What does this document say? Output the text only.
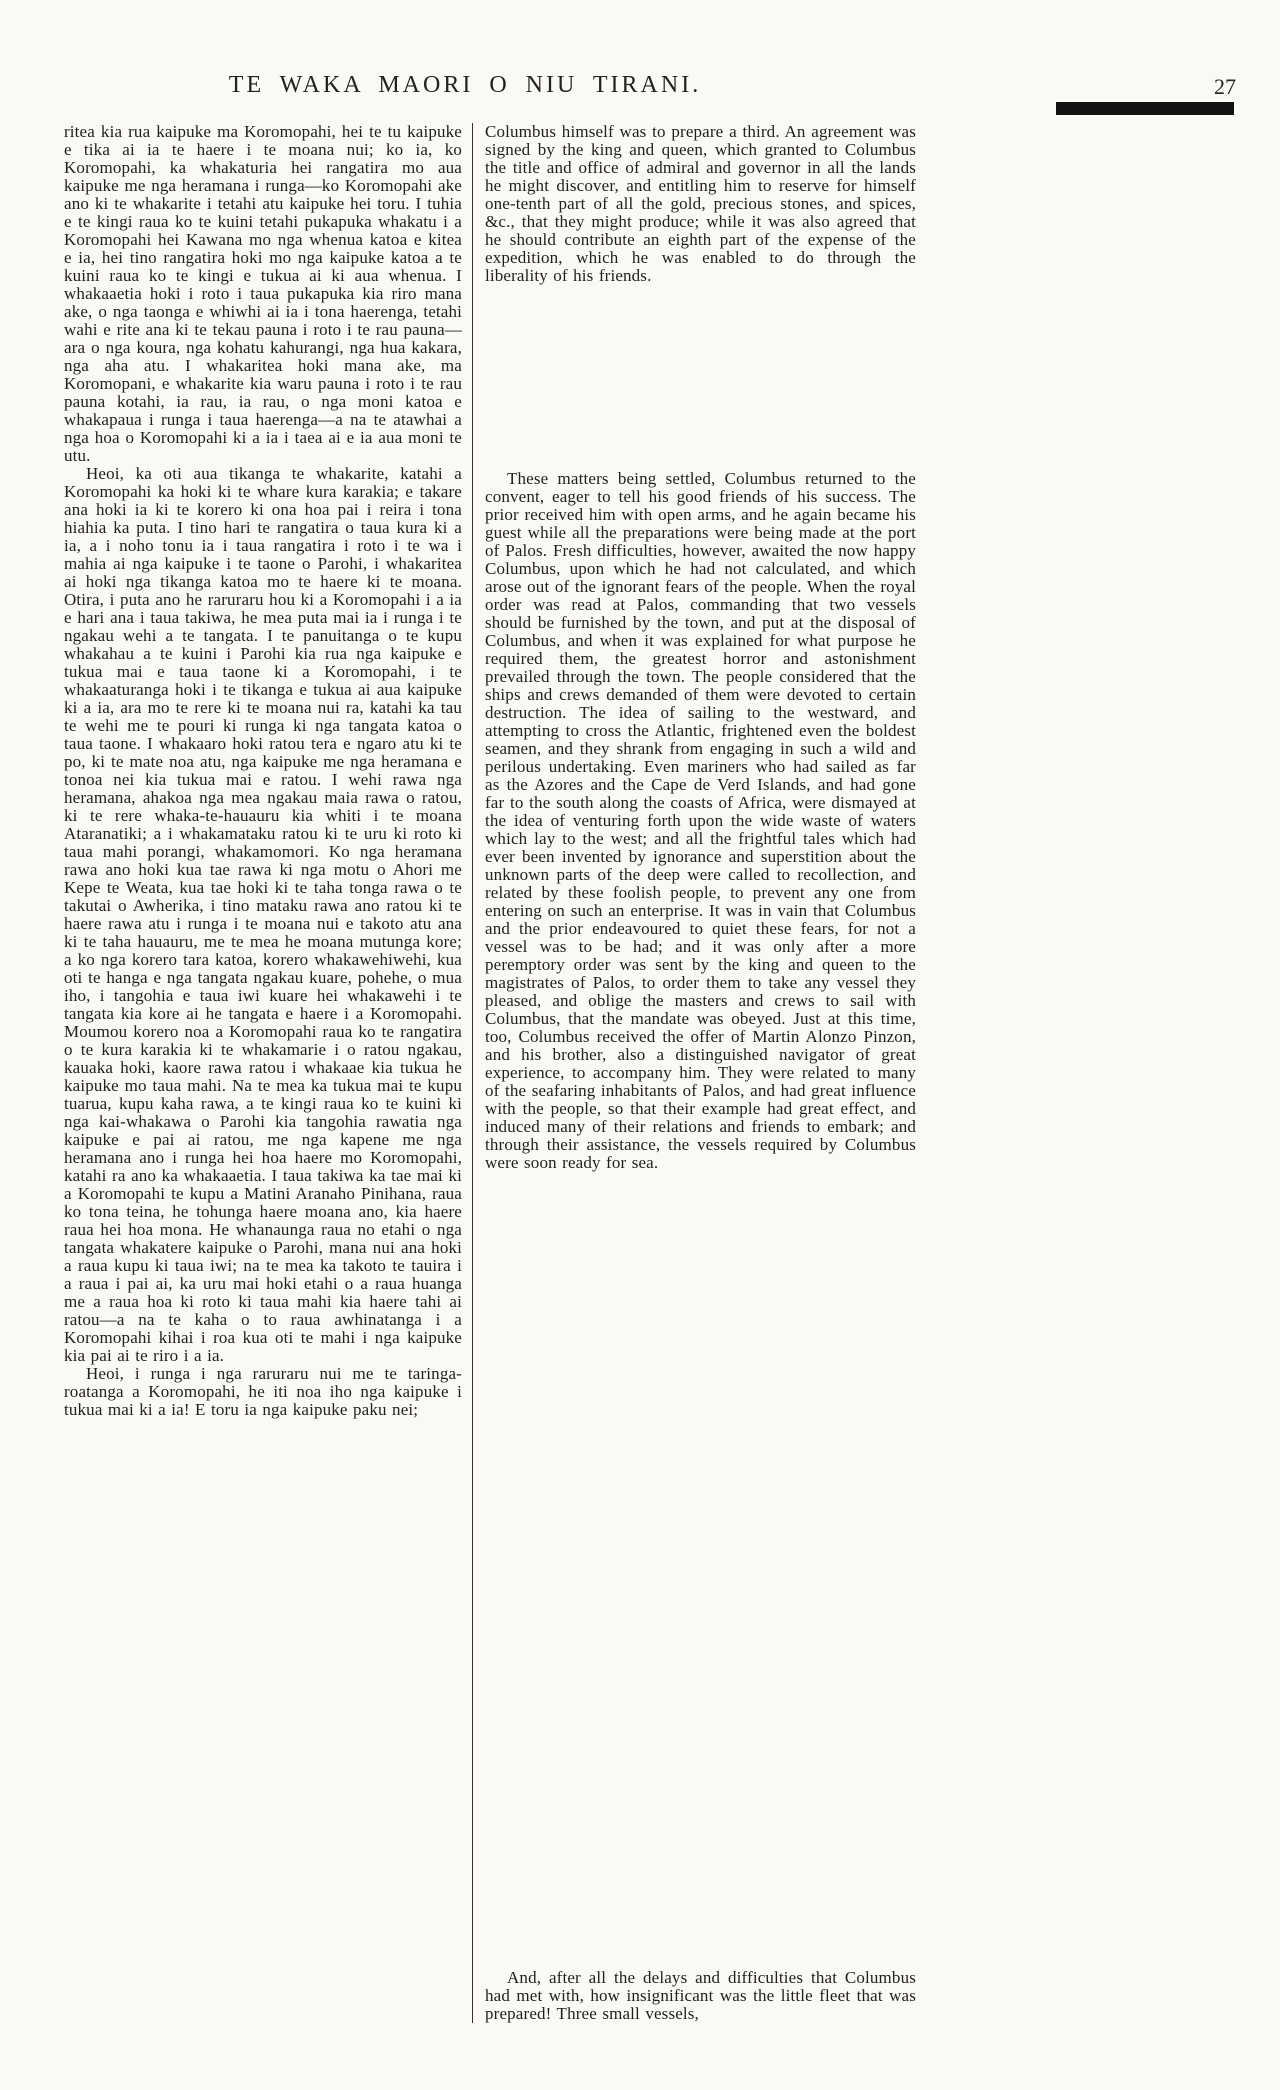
TE WAKA MAORI O NIU TIRANI.	27

ritea kia rua kaipuke ma Koromopahi, hei te tu kaipuke e tika ai ia te haere i te moana nui; ko ia, ko Koromopahi, ka whakaturia hei rangatira mo aua kaipuke me nga heramana i runga—ko Koromopahi ake ano ki te whakarite i tetahi atu kaipuke hei toru. I tuhia e te kingi raua ko te kuini tetahi pukapuka whakatu i a Koromopahi hei Kawana mo nga whenua katoa e kitea e ia, hei tino rangatira hoki mo nga kaipuke katoa a te kuini raua ko te kingi e tukua ai ki aua whenua. I whakaaetia hoki i roto i taua pukapuka kia riro mana ake, o nga taonga e whiwhi ai ia i tona haerenga, tetahi wahi e rite ana ki te tekau pauna i roto i te rau pauna—ara o nga koura, nga kohatu kahurangi, nga hua kakara, nga aha atu. I whakaritea hoki mana ake, ma Koromopani, e whakarite kia waru pauna i roto i te rau pauna kotahi, ia rau, ia rau, o nga moni katoa e whakapaua i runga i taua haerenga—a na te atawhai a nga hoa o Koromopahi ki a ia i taea ai e ia aua moni te utu.

Heoi, ka oti aua tikanga te whakarite, katahi a Koromopahi ka hoki ki te whare kura karakia; e takare ana hoki ia ki te korero ki ona hoa pai i reira i tona hiahia ka puta. I tino hari te rangatira o taua kura ki a ia, a i noho tonu ia i taua rangatira i roto i te wa i mahia ai nga kaipuke i te taone o Parohi, i whakaritea ai hoki nga tikanga katoa mo te haere ki te moana. Otira, i puta ano he raruraru hou ki a Koromopahi i a ia e hari ana i taua takiwa, he mea puta mai ia i runga i te ngakau wehi a te tangata. I te panuitanga o te kupu whakahau a te kuini i Parohi kia rua nga kaipuke e tukua mai e taua taone ki a Koromopahi, i te whakaaturanga hoki i te tikanga e tukua ai aua kaipuke ki a ia, ara mo te rere ki te moana nui ra, katahi ka tau te wehi me te pouri ki runga ki nga tangata katoa o taua taone. I whakaaro hoki ratou tera e ngaro atu ki te po, ki te mate noa atu, nga kaipuke me nga heramana e tonoa nei kia tukua mai e ratou. I wehi rawa nga heramana, ahakoa nga mea ngakau maia rawa o ratou, ki te rere whaka-te-hauauru kia whiti i te moana Ataranatiki; a i whakamataku ratou ki te uru ki roto ki taua mahi porangi, whakamomori. Ko nga heramana rawa ano hoki kua tae rawa ki nga motu o Ahori me Kepe te Weata, kua tae hoki ki te taha tonga rawa o te takutai o Awherika, i tino mataku rawa ano ratou ki te haere rawa atu i runga i te moana nui e takoto atu ana ki te taha hauauru, me te mea he moana mutunga kore; a ko nga korero tara katoa, korero whakawehiwehi, kua oti te hanga e nga tangata ngakau kuare, pohehe, o mua iho, i tangohia e taua iwi kuare hei whakawehi i te tangata kia kore ai he tangata e haere i a Koromopahi. Moumou korero noa a Koromopahi raua ko te rangatira o te kura karakia ki te whakamarie i o ratou ngakau, kauaka hoki, kaore rawa ratou i whakaae kia tukua he kaipuke mo taua mahi. Na te mea ka tukua mai te kupu tuarua, kupu kaha rawa, a te kingi raua ko te kuini ki nga kai-whakawa o Parohi kia tangohia rawatia nga kaipuke e pai ai ratou, me nga kapene me nga heramana ano i runga hei hoa haere mo Koromopahi, katahi ra ano ka whakaaetia. I taua takiwa ka tae mai ki a Koromopahi te kupu a Matini Aranaho Pinihana, raua ko tona teina, he tohunga haere moana ano, kia haere raua hei hoa mona. He whanaunga raua no etahi o nga tangata whakatere kaipuke o Parohi, mana nui ana hoki a raua kupu ki taua iwi; na te mea ka takoto te tauira i a raua i pai ai, ka uru mai hoki etahi o a raua huanga me a raua hoa ki roto ki taua mahi kia haere tahi ai ratou—a na te kaha o to raua awhinatanga i a Koromopahi kihai i roa kua oti te mahi i nga kaipuke kia pai ai te riro i a ia.

Heoi, i runga i nga raruraru nui me te taringa-roatanga a Koromopahi, he iti noa iho nga kaipuke i tukua mai ki a ia! E toru ia nga kaipuke paku nei;

Columbus himself was to prepare a third. An agreement was signed by the king and queen, which granted to Columbus the title and office of admiral and governor in all the lands he might discover, and entitling him to reserve for himself one-tenth part of all the gold, precious stones, and spices, &c., that they might produce; while it was also agreed that he should contribute an eighth part of the expense of the expedition, which he was enabled to do through the liberality of his friends.

These matters being settled, Columbus returned to the convent, eager to tell his good friends of his success. The prior received him with open arms, and he again became his guest while all the preparations were being made at the port of Palos. Fresh difficulties, however, awaited the now happy Columbus, upon which he had not calculated, and which arose out of the ignorant fears of the people. When the royal order was read at Palos, commanding that two vessels should be furnished by the town, and put at the disposal of Columbus, and when it was explained for what purpose he required them, the greatest horror and astonishment prevailed through the town. The people considered that the ships and crews demanded of them were devoted to certain destruction. The idea of sailing to the westward, and attempting to cross the Atlantic, frightened even the boldest seamen, and they shrank from engaging in such a wild and perilous undertaking. Even mariners who had sailed as far as the Azores and the Cape de Verd Islands, and had gone far to the south along the coasts of Africa, were dismayed at the idea of venturing forth upon the wide waste of waters which lay to the west; and all the frightful tales which had ever been invented by ignorance and superstition about the unknown parts of the deep were called to recollection, and related by these foolish people, to prevent any one from entering on such an enterprise. It was in vain that Columbus and the prior endeavoured to quiet these fears, for not a vessel was to be had; and it was only after a more peremptory order was sent by the king and queen to the magistrates of Palos, to order them to take any vessel they pleased, and oblige the masters and crews to sail with Columbus, that the mandate was obeyed. Just at this time, too, Columbus received the offer of Martin Alonzo Pinzon, and his brother, also a distinguished navigator of great experience, to accompany him. They were related to many of the seafaring inhabitants of Palos, and had great influence with the people, so that their example had great effect, and induced many of their relations and friends to embark; and through their assistance, the vessels required by Columbus were soon ready for sea.

And, after all the delays and difficulties that Columbus had met with, how insignificant was the little fleet that was prepared! Three small vessels,
